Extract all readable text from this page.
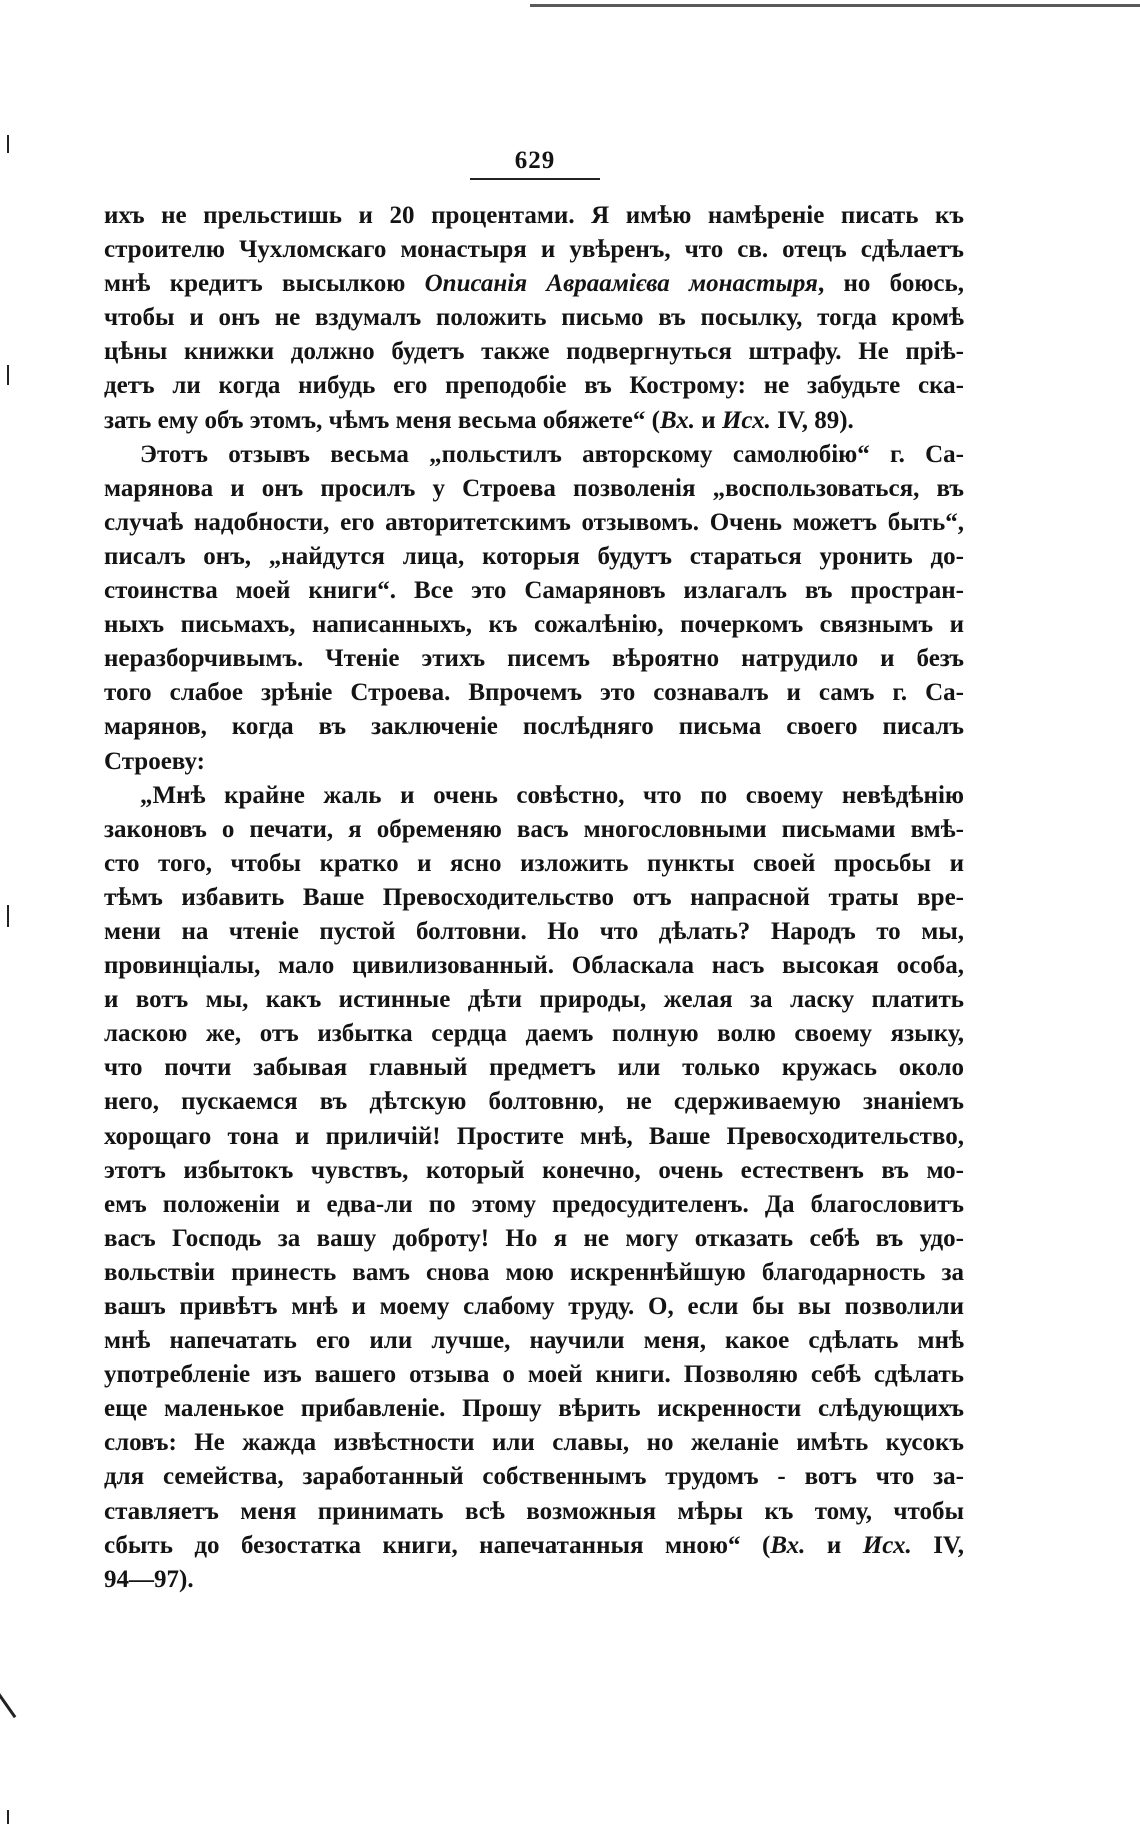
629
ихъ не прельстишь и 20 процентами. Я имѣю намѣреніе писать къ
строителю Чухломскаго монастыря и увѣренъ, что св. отецъ сдѣлаетъ
мнѣ кредитъ высылкою Описанія Авраамієва монастыря, но боюсь,
чтобы и онъ не вздумалъ положить письмо въ посылку, тогда кромѣ
цѣны книжки должно будетъ также подвергнуться штрафу. Не пріѣ-
детъ ли когда нибудь его преподобіе въ Кострому: не забудьте ска-
зать ему объ этомъ, чѣмъ меня весьма обяжете“ (Вх. и Исх. IV, 89).
Этотъ отзывъ весьма „польстилъ авторскому самолюбію“ г. Са-
марянова и онъ просилъ у Строева позволенія „воспользоваться, въ
случаѣ надобности, его авторитетскимъ отзывомъ. Очень можетъ быть“,
писалъ онъ, „найдутся лица, которыя будутъ стараться уронить до-
стоинства моей книги“. Все это Самаряновъ излагалъ въ простран-
ныхъ письмахъ, написанныхъ, къ сожалѣнію, почеркомъ связнымъ и
неразборчивымъ. Чтеніе этихъ писемъ вѣроятно натрудило и безъ
того слабое зрѣніе Строева. Впрочемъ это сознавалъ и самъ г. Са-
марянов, когда въ заключеніе послѣдняго письма своего писалъ
Строеву:
„Мнѣ крайне жаль и очень совѣстно, что по своему невѣдѣнію
законовъ о печати, я обременяю васъ многословными письмами вмѣ-
сто того, чтобы кратко и ясно изложить пункты своей просьбы и
тѣмъ избавить Ваше Превосходительство отъ напрасной траты вре-
мени на чтеніе пустой болтовни. Но что дѣлать? Народъ то мы,
провинціалы, мало цивилизованный. Обласкала насъ высокая особа,
и вотъ мы, какъ истинные дѣти природы, желая за ласку платить
ласкою же, отъ избытка сердца даемъ полную волю своему языку,
что почти забывая главный предметъ или только кружась около
него, пускаемся въ дѣтскую болтовню, не сдерживаемую знаніемъ
хорощаго тона и приличій! Простите мнѣ, Ваше Превосходительство,
этотъ избытокъ чувствъ, который конечно, очень естественъ въ мо-
емъ положеніи и едва-ли по этому предосудителенъ. Да благословитъ
васъ Господь за вашу доброту! Но я не могу отказать себѣ въ удо-
вольствіи принесть вамъ снова мою искреннѣйшую благодарность за
вашъ привѣтъ мнѣ и моему слабому труду. О, если бы вы позволили
мнѣ напечатать его или лучше, научили меня, какое сдѣлать мнѣ
употребленіе изъ вашего отзыва о моей книги. Позволяю себѣ сдѣлать
еще маленькое прибавленіе. Прошу вѣрить искренности слѣдующихъ
словъ: Не жажда извѣстности или славы, но желаніе имѣть кусокъ
для семейства, заработанный собственнымъ трудомъ - вотъ что за-
ставляетъ меня принимать всѣ возможныя мѣры къ тому, чтобы
сбыть до безостатка книги, напечатанныя мною“ (Вх. и Исх. IV,
94—97).
